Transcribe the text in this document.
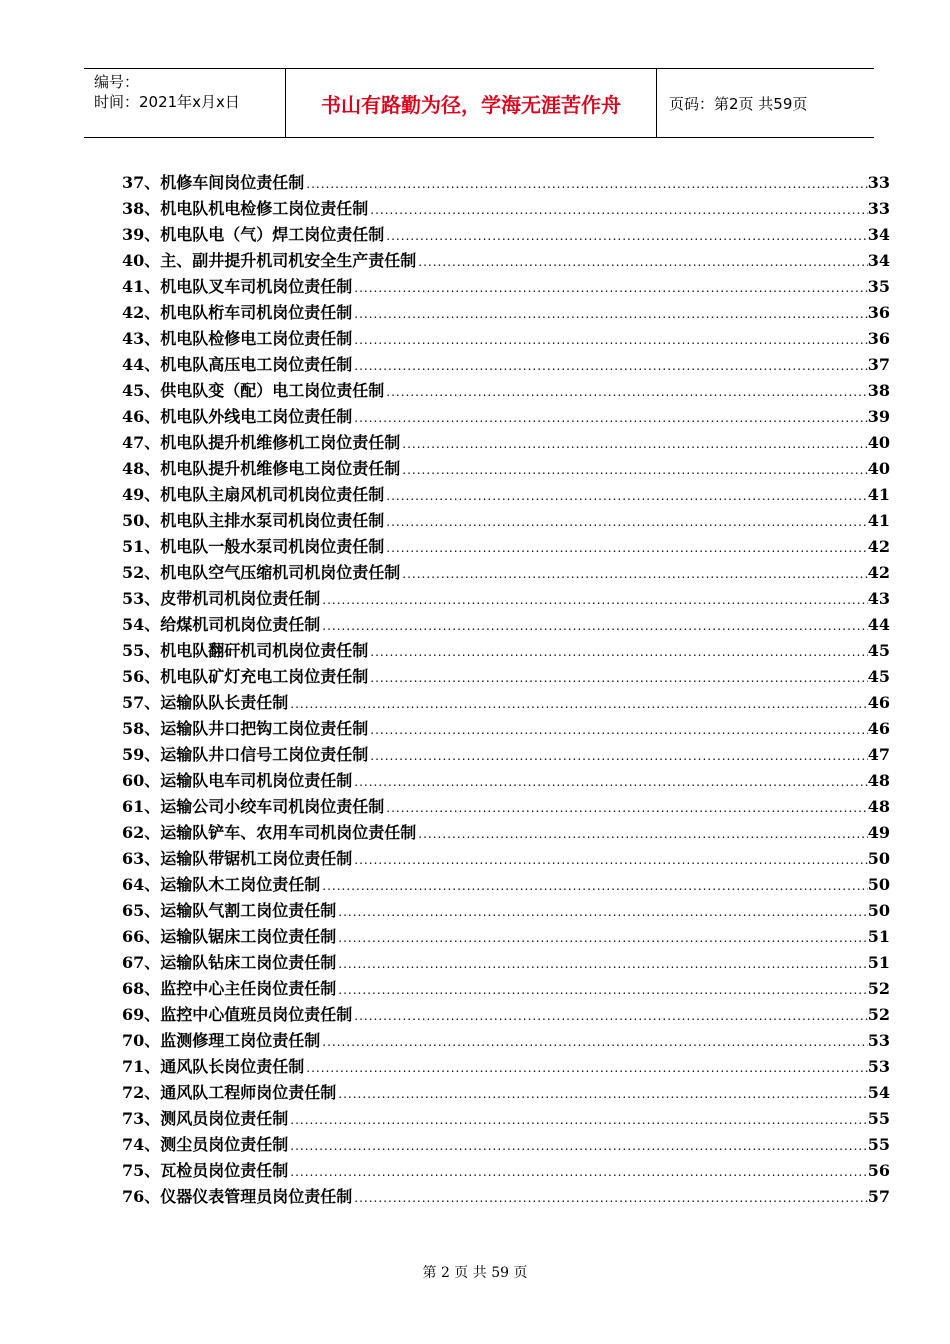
编号：
时间：2021年x月x日	书山有路勤为径，学海无涯苦作舟	页码：第2页 共59页
37、 机修车间岗位责任制 .....	33
38、 机电队机电检修工岗位责任制 .....	33
39、 机电队电（气）焊工岗位责任制 .....	34
40、 主、副井提升机司机安全生产责任制 .....	34
41、 机电队叉车司机岗位责任制 .....	35
42、 机电队桁车司机岗位责任制 .....	36
43、 机电队检修电工岗位责任制 .....	36
44、 机电队高压电工岗位责任制 .....	37
45、 供电队变（配）电工岗位责任制 .....	38
46、 机电队外线电工岗位责任制 .....	39
47、 机电队提升机维修机工岗位责任制 .....	40
48、 机电队提升机维修电工岗位责任制 .....	40
49、 机电队主扇风机司机岗位责任制 .....	41
50、 机电队主排水泵司机岗位责任制 .....	41
51、 机电队一般水泵司机岗位责任制 .....	42
52、 机电队空气压缩机司机岗位责任制 .....	42
53、 皮带机司机岗位责任制 .....	43
54、 给煤机司机岗位责任制 .....	44
55、 机电队翻矸机司机岗位责任制 .....	45
56、 机电队矿灯充电工岗位责任制 .....	45
57、 运输队队长责任制 .....	46
58、 运输队井口把钩工岗位责任制 .....	46
59、 运输队井口信号工岗位责任制 .....	47
60、 运输队电车司机岗位责任制 .....	48
61、 运输公司小绞车司机岗位责任制 .....	48
62、 运输队铲车、农用车司机岗位责任制 .....	49
63、 运输队带锯机工岗位责任制 .....	50
64、 运输队木工岗位责任制 .....	50
65、 运输队气割工岗位责任制 .....	50
66、 运输队锯床工岗位责任制 .....	51
67、 运输队钻床工岗位责任制 .....	51
68、 监控中心主任岗位责任制 .....	52
69、 监控中心值班员岗位责任制 .....	52
70、 监测修理工岗位责任制 .....	53
71、 通风队长岗位责任制 .....	53
72、 通风队工程师岗位责任制 .....	54
73、 测风员岗位责任制 .....	55
74、 测尘员岗位责任制 .....	55
75、 瓦检员岗位责任制 .....	56
76、 仪器仪表管理员岗位责任制 .....	57
第 2 页 共 59 页
